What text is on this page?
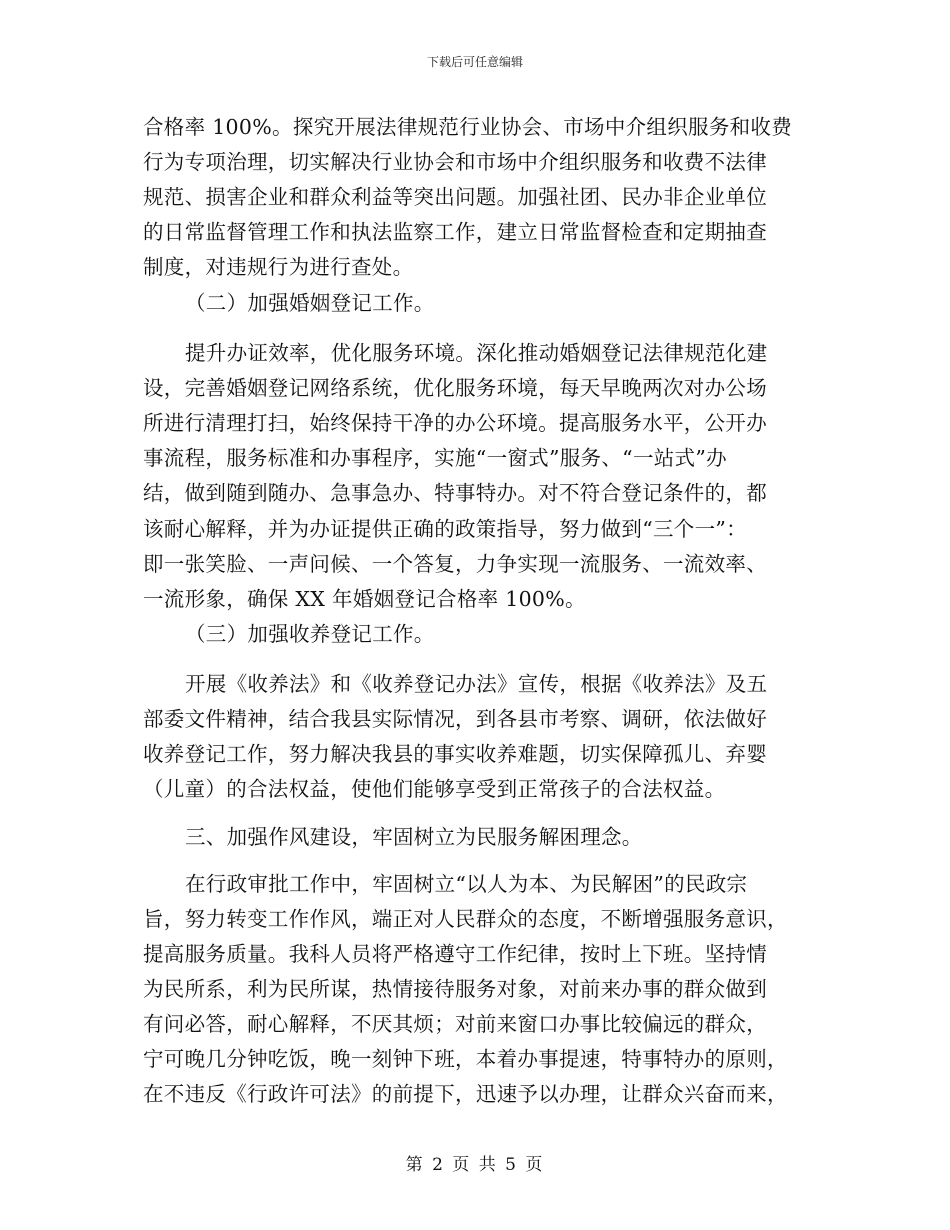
下载后可任意编辑
合格率 100%。探究开展法律规范行业协会、市场中介组织服务和收费
行为专项治理，切实解决行业协会和市场中介组织服务和收费不法律
规范、损害企业和群众利益等突出问题。加强社团、民办非企业单位
的日常监督管理工作和执法监察工作，建立日常监督检查和定期抽查
制度，对违规行为进行查处。
（二）加强婚姻登记工作。
提升办证效率，优化服务环境。深化推动婚姻登记法律规范化建
设，完善婚姻登记网络系统，优化服务环境，每天早晚两次对办公场
所进行清理打扫，始终保持干净的办公环境。提高服务水平，公开办
事流程，服务标准和办事程序，实施“一窗式”服务、“一站式”办
结，做到随到随办、急事急办、特事特办。对不符合登记条件的，都
该耐心解释，并为办证提供正确的政策指导，努力做到“三个一”：
即一张笑脸、一声问候、一个答复，力争实现一流服务、一流效率、
一流形象，确保 XX 年婚姻登记合格率 100%。
（三）加强收养登记工作。
开展《收养法》和《收养登记办法》宣传，根据《收养法》及五
部委文件精神，结合我县实际情况，到各县市考察、调研，依法做好
收养登记工作，努力解决我县的事实收养难题，切实保障孤儿、弃婴
（儿童）的合法权益，使他们能够享受到正常孩子的合法权益。
三、加强作风建设，牢固树立为民服务解困理念。
在行政审批工作中，牢固树立“以人为本、为民解困”的民政宗
旨，努力转变工作作风，端正对人民群众的态度，不断增强服务意识，
提高服务质量。我科人员将严格遵守工作纪律，按时上下班。坚持情
为民所系，利为民所谋，热情接待服务对象，对前来办事的群众做到
有问必答，耐心解释，不厌其烦；对前来窗口办事比较偏远的群众，
宁可晚几分钟吃饭，晚一刻钟下班，本着办事提速，特事特办的原则，
在不违反《行政许可法》的前提下，迅速予以办理，让群众兴奋而来，
第 2 页 共 5 页
